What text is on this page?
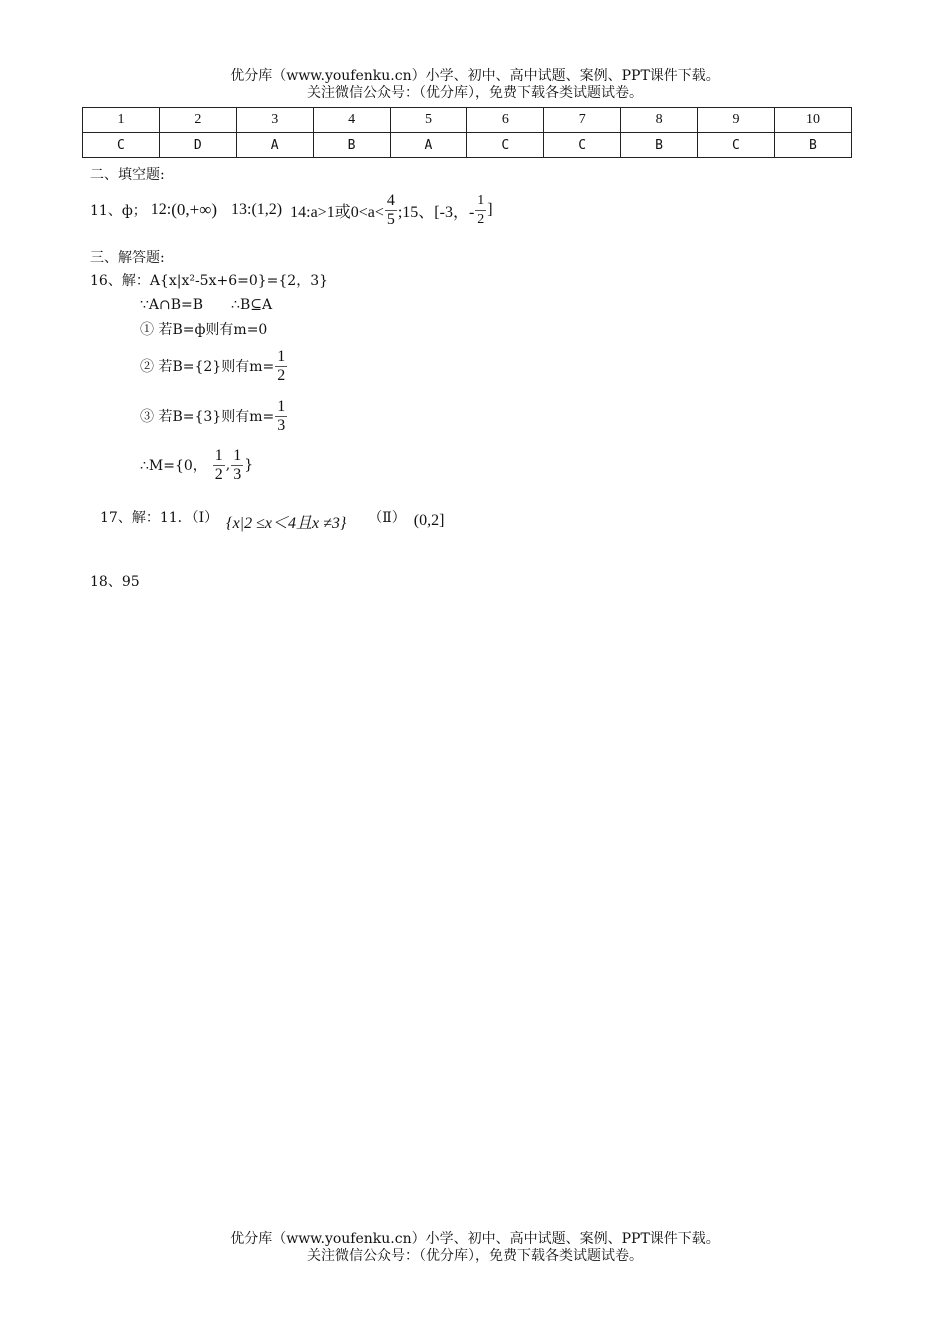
优分库（www.youfenku.cn）小学、初中、高中试题、案例、PPT课件下载。
关注微信公众号：（优分库），免费下载各类试题试卷。
1	2	3	4	5	6	7	8	9	10
C	D	A	B	A	C	C	B	C	B
二、填空题:
11、ф； 12: (0,+∞) 13:(1,2) 14:a>1或$0<a< \frac{4}{5}$ ;15、[-3，- $\frac{1}{2}$ ]
三、解答题:
16、解：A{x|x²-5x+6=0}={2，3}
∵A∩B=B　　∴B⊆A
① 若B=ф则有m=0
② 若B={2}则有$m= \frac{1}{2}$
③ 若B={3}则有$m= \frac{1}{3}$
∴M={0， $\frac{1}{2}$ , $\frac{1}{3}$ }
17、解：11．（Ⅰ） {x|2 ≤x＜4且x ≠3} （Ⅱ） (0,2]
18、95
优分库（www.youfenku.cn）小学、初中、高中试题、案例、PPT课件下载。
关注微信公众号：（优分库），免费下载各类试题试卷。
